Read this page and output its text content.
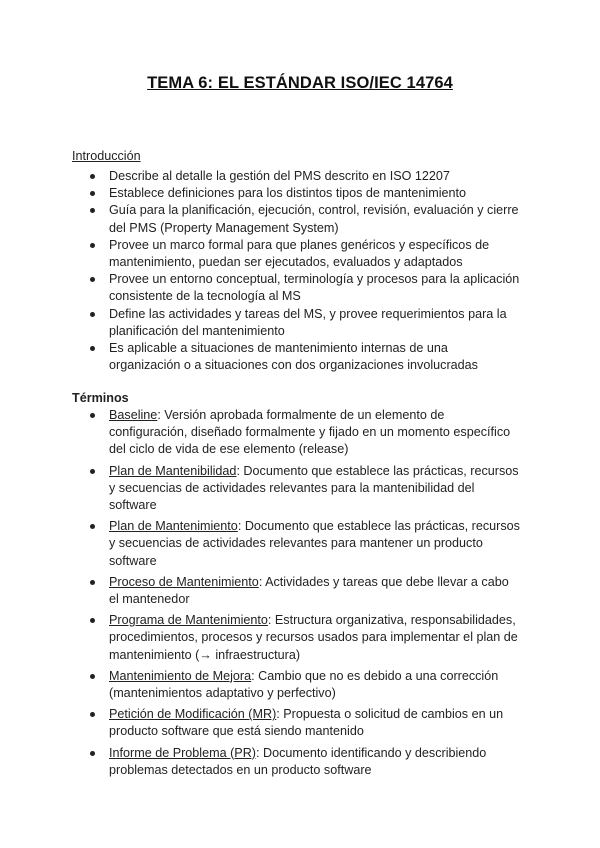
TEMA 6: EL ESTÁNDAR ISO/IEC 14764
Introducción
Describe al detalle la gestión del PMS descrito en ISO 12207
Establece definiciones para los distintos tipos de mantenimiento
Guía para la planificación, ejecución, control, revisión, evaluación y cierre del PMS (Property Management System)
Provee un marco formal para que planes genéricos y específicos de mantenimiento, puedan ser ejecutados, evaluados y adaptados
Provee un entorno conceptual, terminología y procesos para la aplicación consistente de la tecnología al MS
Define las actividades y tareas del MS, y provee requerimientos para la planificación del mantenimiento
Es aplicable a situaciones de mantenimiento internas de una organización o a situaciones con dos organizaciones involucradas
Términos
Baseline: Versión aprobada formalmente de un elemento de configuración, diseñado formalmente y fijado en un momento específico del ciclo de vida de ese elemento (release)
Plan de Mantenibilidad: Documento que establece las prácticas, recursos y secuencias de actividades relevantes para la mantenibilidad del software
Plan de Mantenimiento: Documento que establece las prácticas, recursos y secuencias de actividades relevantes para mantener un producto software
Proceso de Mantenimiento: Actividades y tareas que debe llevar a cabo el mantenedor
Programa de Mantenimiento: Estructura organizativa, responsabilidades, procedimientos, procesos y recursos usados para implementar el plan de mantenimiento (→ infraestructura)
Mantenimiento de Mejora: Cambio que no es debido a una corrección (mantenimientos adaptativo y perfectivo)
Petición de Modificación (MR): Propuesta o solicitud de cambios en un producto software que está siendo mantenido
Informe de Problema (PR): Documento identificando y describiendo problemas detectados en un producto software
